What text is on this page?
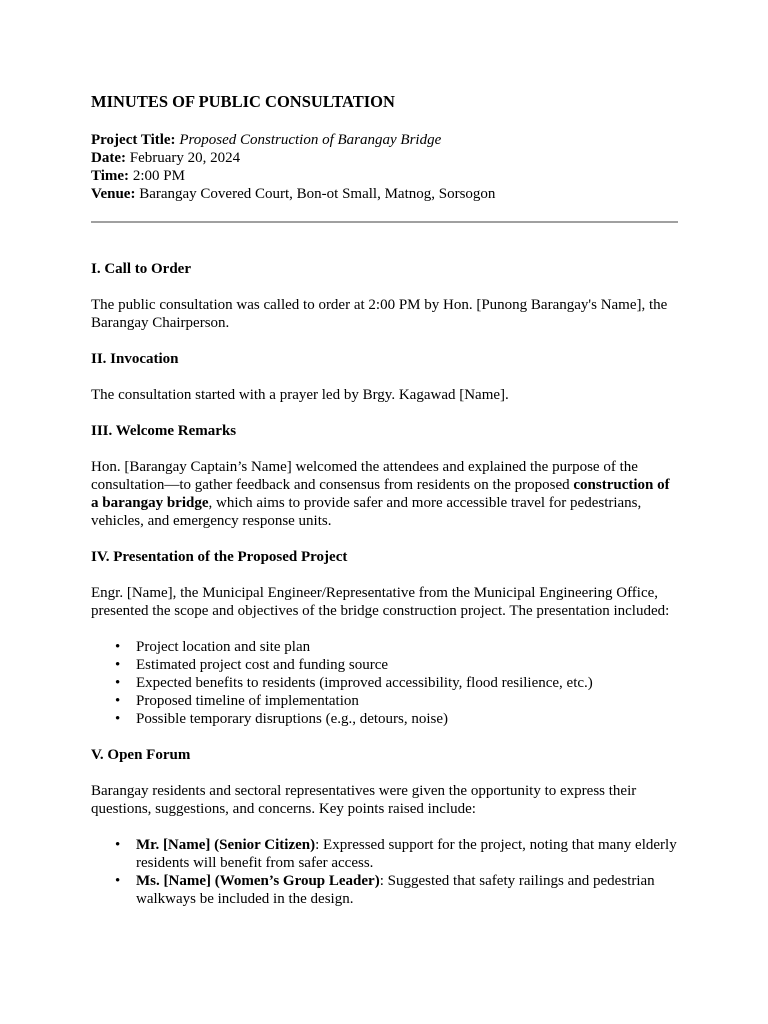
MINUTES OF PUBLIC CONSULTATION

Project Title: Proposed Construction of Barangay Bridge

Date: February 20, 2024

Time: 2:00 PM

Venue: Barangay Covered Court, Bon-ot Small, Matnog, Sorsogon

I. Call to Order

The public consultation was called to order at 2:00 PM by Hon. [Punong Barangay's Name], the Barangay Chairperson.

II. Invocation

The consultation started with a prayer led by Brgy. Kagawad [Name].

III. Welcome Remarks

Hon. [Barangay Captain’s Name] welcomed the attendees and explained the purpose of the consultation—to gather feedback and consensus from residents on the proposed construction of a barangay bridge, which aims to provide safer and more accessible travel for pedestrians, vehicles, and emergency response units.

IV. Presentation of the Proposed Project

Engr. [Name], the Municipal Engineer/Representative from the Municipal Engineering Office, presented the scope and objectives of the bridge construction project. The presentation included:

• Project location and site plan
• Estimated project cost and funding source
• Expected benefits to residents (improved accessibility, flood resilience, etc.)
• Proposed timeline of implementation
• Possible temporary disruptions (e.g., detours, noise)
V. Open Forum

Barangay residents and sectoral representatives were given the opportunity to express their questions, suggestions, and concerns. Key points raised include:

• Mr. [Name] (Senior Citizen): Expressed support for the project, noting that many elderly residents will benefit from safer access.
• Ms. [Name] (Women’s Group Leader): Suggested that safety railings and pedestrian walkways be included in the design.
